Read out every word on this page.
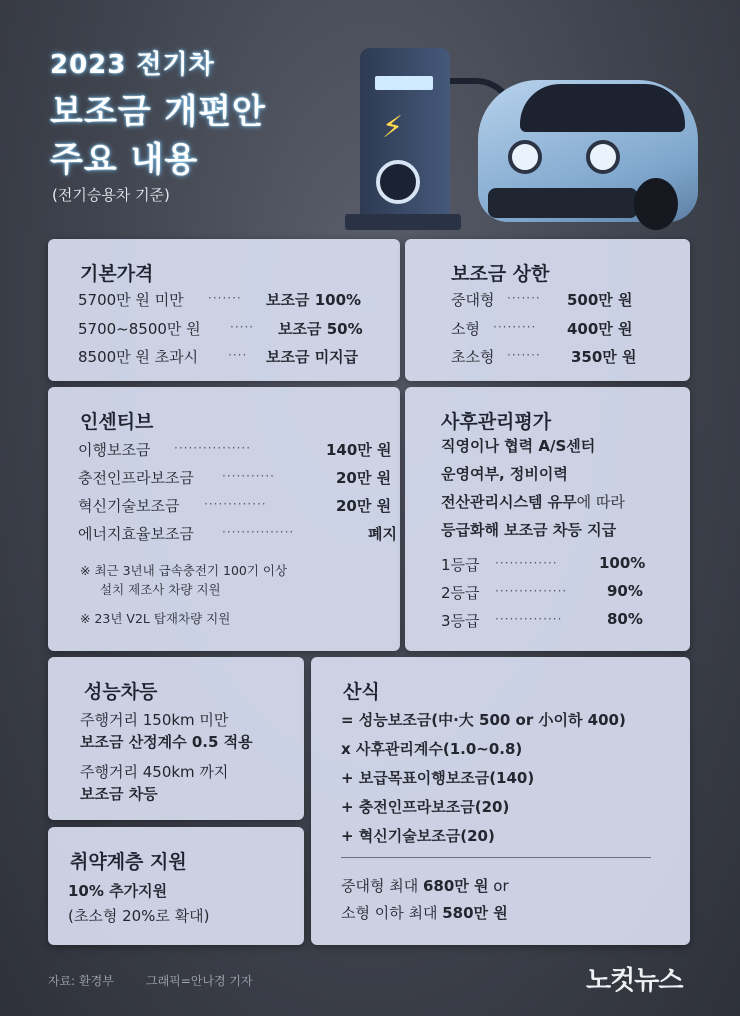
2023 전기차
보조금 개편안
주요 내용
(전기승용차 기준)
⚡
기본가격
5700만 원 미만 ······· 보조금 100%
5700~8500만 원 ····· 보조금 50%
8500만 원 초과시 ···· 보조금 미지급
보조금 상한
중대형 ······· 500만 원
소형 ········· 400만 원
초소형 ······· 350만 원
인센티브
이행보조금 ················	140만 원
충전인프라보조금 ···········	20만 원
혁신기술보조금 ·············	20만 원
에너지효율보조금 ···············	폐지
※ 최근 3년내 급속충전기 100기 이상
설치 제조사 차량 지원
※ 23년 V2L 탑재차량 지원
사후관리평가
직영이나 협력 A/S센터
운영여부, 정비이력
전산관리시스템 유무에 따라
등급화해 보조금 차등 지급
1등급 ·············	100%
2등급 ···············	90%
3등급 ··············	80%
성능차등
주행거리 150km 미만
보조금 산정계수 0.5 적용
주행거리 450km 까지
보조금 차등
취약계층 지원
10% 추가지원
(초소형 20%로 확대)
산식
= 성능보조금(中·大 500 or 小이하 400)
x 사후관리계수(1.0~0.8)
+ 보급목표이행보조금(140)
+ 충전인프라보조금(20)
+ 혁신기술보조금(20)
중대형 최대 680만 원 or
소형 이하 최대 580만 원
자료: 환경부	그래픽=안나경 기자	노컷뉴스
